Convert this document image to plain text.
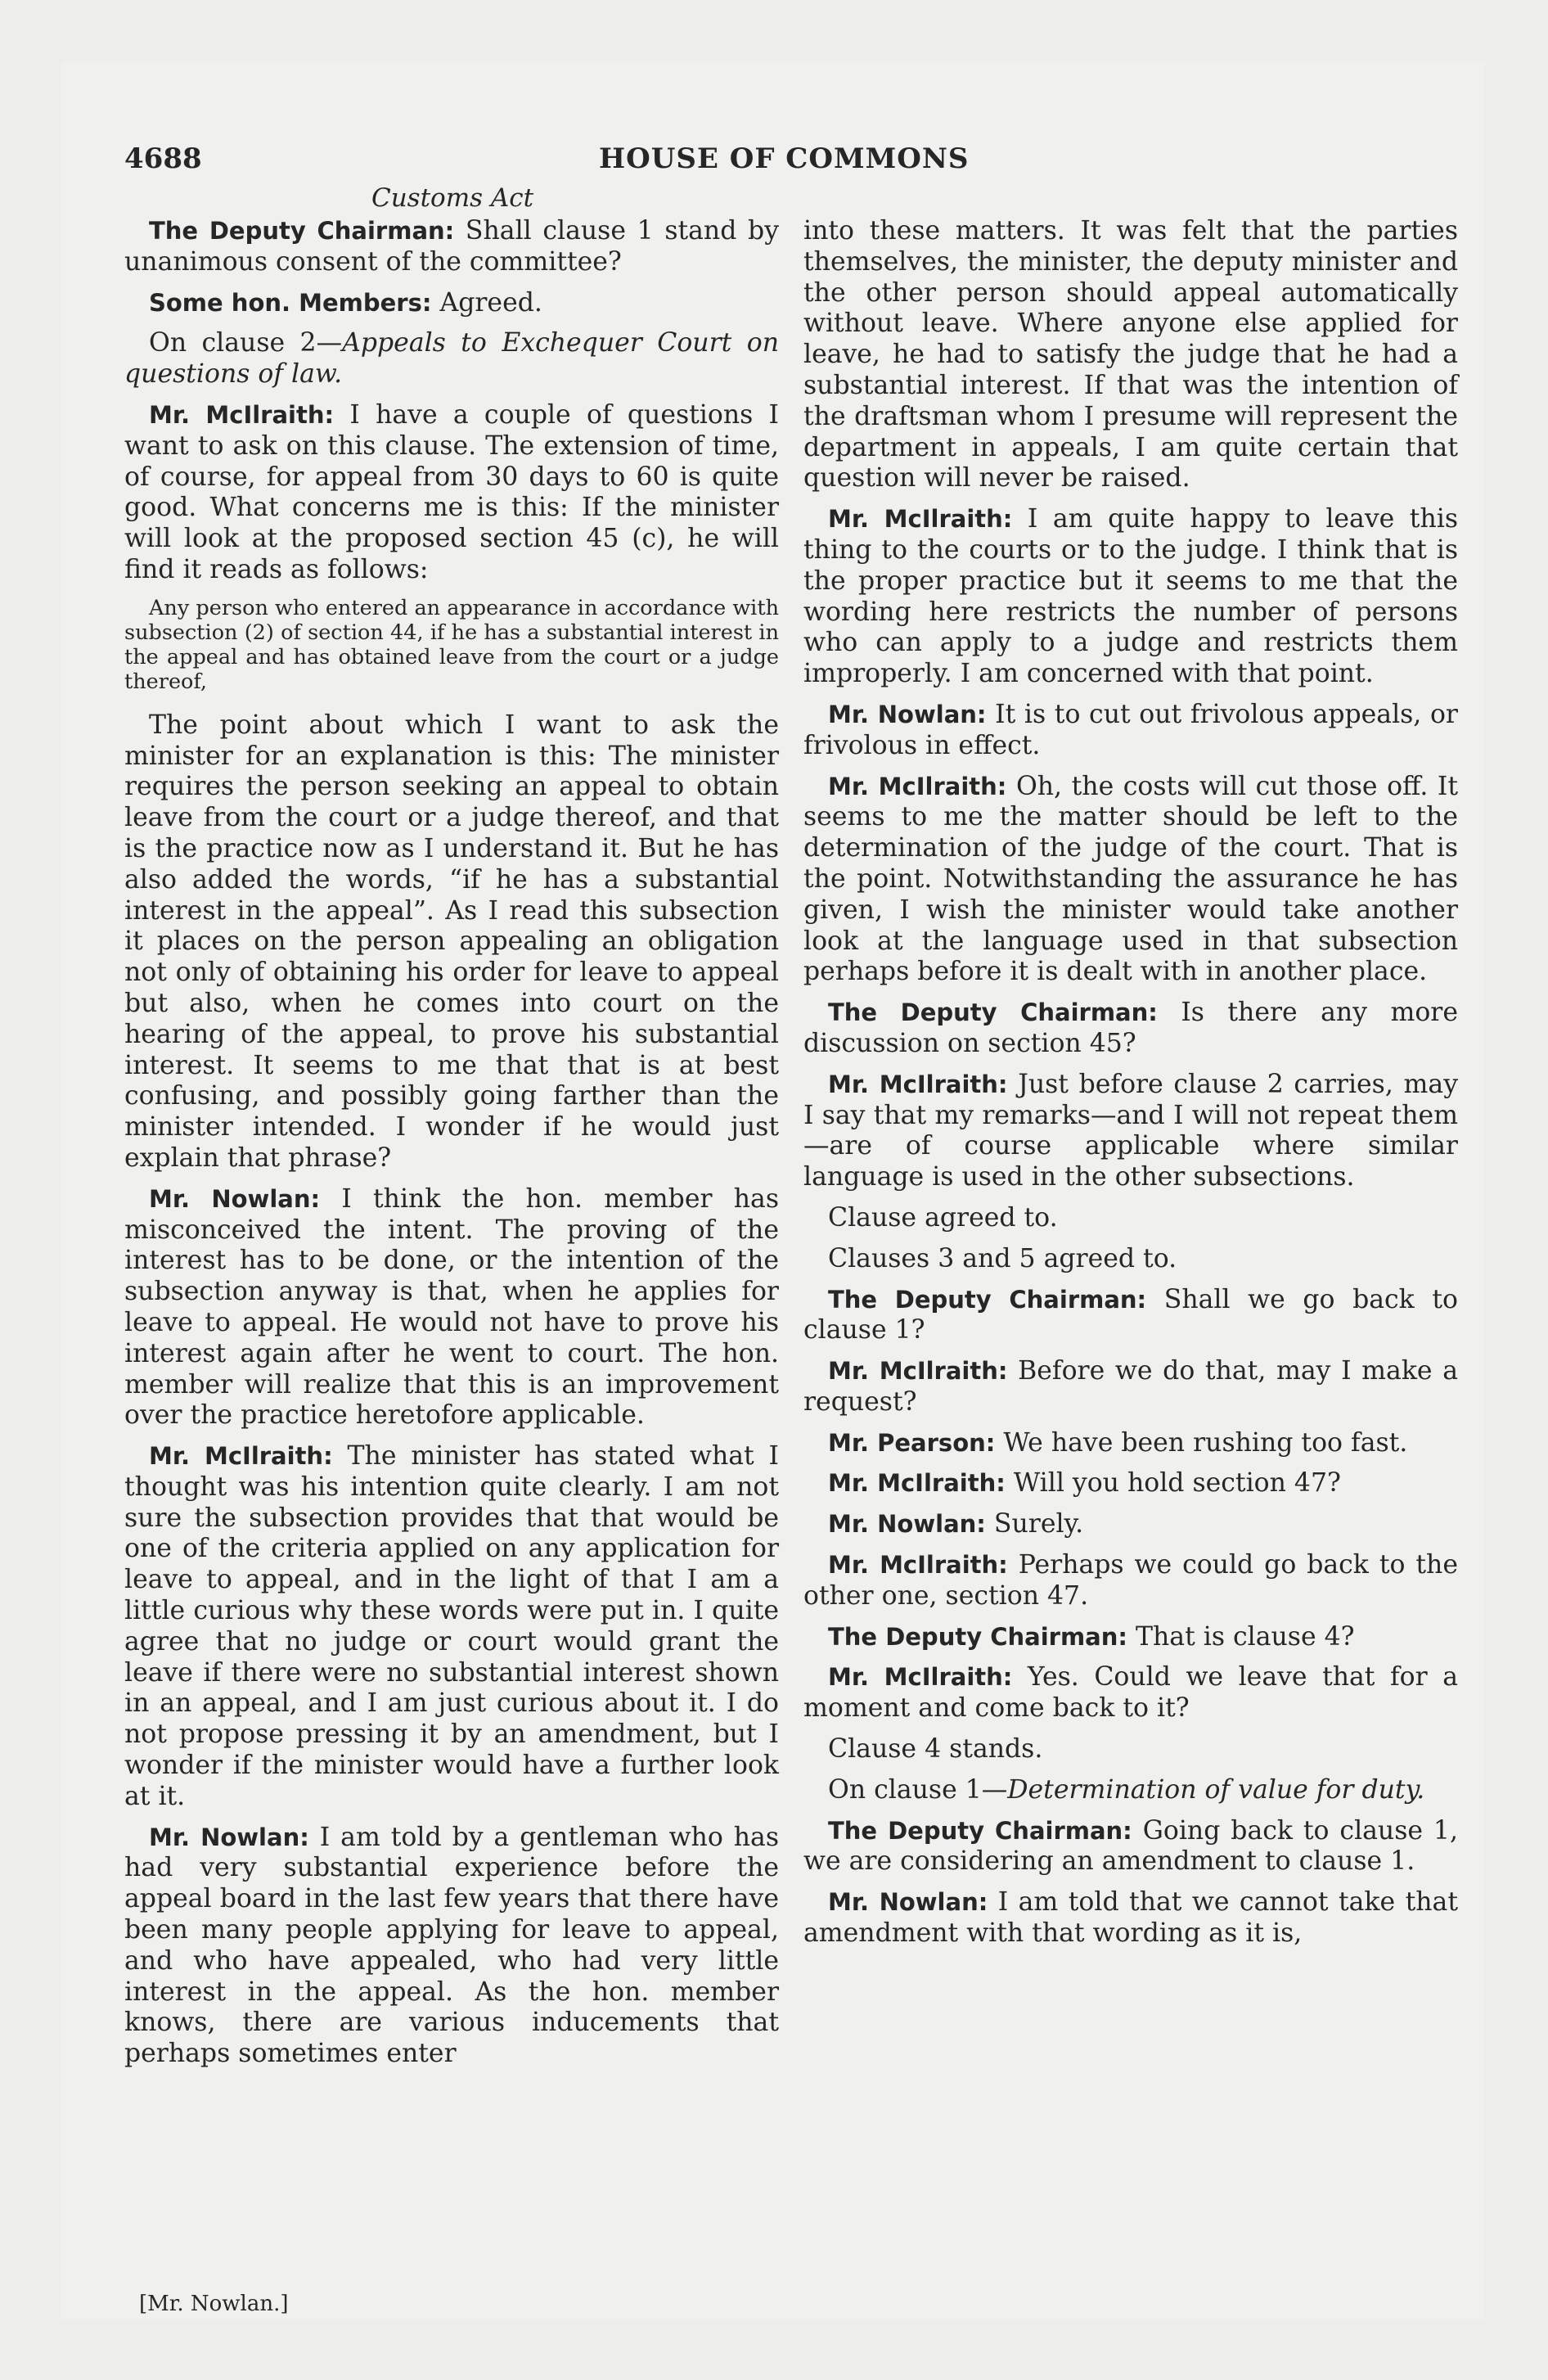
4688	HOUSE OF COMMONS
Customs Act

The Deputy Chairman: Shall clause 1 stand by unanimous consent of the committee?

Some hon. Members: Agreed.

On clause 2—Appeals to Exchequer Court on questions of law.

Mr. McIlraith: I have a couple of questions I want to ask on this clause. The extension of time, of course, for appeal from 30 days to 60 is quite good. What concerns me is this: If the minister will look at the proposed section 45 (c), he will find it reads as follows:

Any person who entered an appearance in accordance with subsection (2) of section 44, if he has a substantial interest in the appeal and has obtained leave from the court or a judge thereof,

The point about which I want to ask the minister for an explanation is this: The minister requires the person seeking an appeal to obtain leave from the court or a judge thereof, and that is the practice now as I understand it. But he has also added the words, “if he has a substantial interest in the appeal”. As I read this subsection it places on the person appealing an obligation not only of obtaining his order for leave to appeal but also, when he comes into court on the hearing of the appeal, to prove his substantial interest. It seems to me that that is at best confusing, and possibly going farther than the minister intended. I wonder if he would just explain that phrase?

Mr. Nowlan: I think the hon. member has misconceived the intent. The proving of the interest has to be done, or the intention of the subsection anyway is that, when he applies for leave to appeal. He would not have to prove his interest again after he went to court. The hon. member will realize that this is an improvement over the practice heretofore applicable.

Mr. McIlraith: The minister has stated what I thought was his intention quite clearly. I am not sure the subsection provides that that would be one of the criteria applied on any application for leave to appeal, and in the light of that I am a little curious why these words were put in. I quite agree that no judge or court would grant the leave if there were no substantial interest shown in an appeal, and I am just curious about it. I do not propose pressing it by an amendment, but I wonder if the minister would have a further look at it.

Mr. Nowlan: I am told by a gentleman who has had very substantial experience before the appeal board in the last few years that there have been many people applying for leave to appeal, and who have appealed, who had very little interest in the appeal. As the hon. member knows, there are various inducements that perhaps sometimes enter

into these matters. It was felt that the parties themselves, the minister, the deputy minister and the other person should appeal automatically without leave. Where anyone else applied for leave, he had to satisfy the judge that he had a substantial interest. If that was the intention of the draftsman whom I presume will represent the department in appeals, I am quite certain that question will never be raised.

Mr. McIlraith: I am quite happy to leave this thing to the courts or to the judge. I think that is the proper practice but it seems to me that the wording here restricts the number of persons who can apply to a judge and restricts them improperly. I am concerned with that point.

Mr. Nowlan: It is to cut out frivolous appeals, or frivolous in effect.

Mr. McIlraith: Oh, the costs will cut those off. It seems to me the matter should be left to the determination of the judge of the court. That is the point. Notwithstanding the assurance he has given, I wish the minister would take another look at the language used in that subsection perhaps before it is dealt with in another place.

The Deputy Chairman: Is there any more discussion on section 45?

Mr. McIlraith: Just before clause 2 carries, may I say that my remarks—and I will not repeat them—are of course applicable where similar language is used in the other subsections.

Clause agreed to.

Clauses 3 and 5 agreed to.

The Deputy Chairman: Shall we go back to clause 1?

Mr. McIlraith: Before we do that, may I make a request?

Mr. Pearson: We have been rushing too fast.

Mr. McIlraith: Will you hold section 47?

Mr. Nowlan: Surely.

Mr. McIlraith: Perhaps we could go back to the other one, section 47.

The Deputy Chairman: That is clause 4?

Mr. McIlraith: Yes. Could we leave that for a moment and come back to it?

Clause 4 stands.

On clause 1—Determination of value for duty.

The Deputy Chairman: Going back to clause 1, we are considering an amendment to clause 1.

Mr. Nowlan: I am told that we cannot take that amendment with that wording as it is,

[Mr. Nowlan.]
